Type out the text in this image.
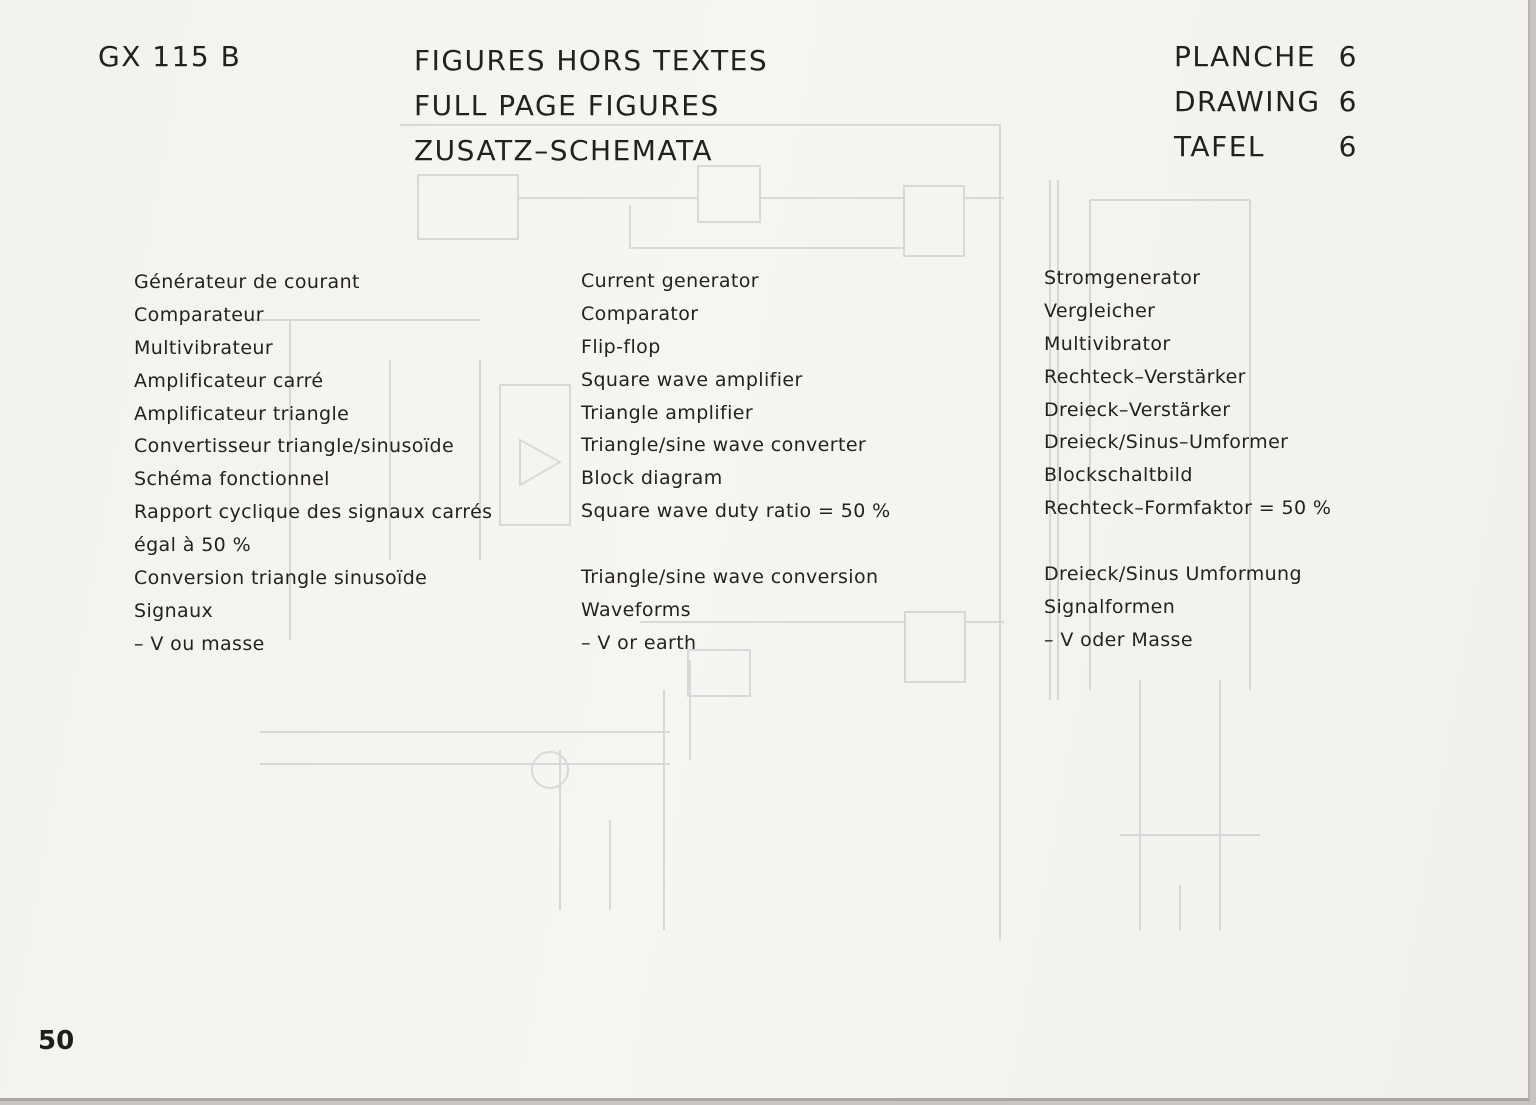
GX 115 B	FIGURES HORS TEXTES
FULL PAGE FIGURES
ZUSATZ–SCHEMATA
PLANCHE 6
DRAWING 6
TAFEL	6
Générateur de courant
Comparateur
Multivibrateur
Amplificateur carré
Amplificateur triangle
Convertisseur triangle/sinusoïde
Schéma fonctionnel
Rapport cyclique des signaux carrés
égal à 50 %
Conversion triangle sinusoïde
Signaux
– V ou masse
Current generator
Comparator
Flip-flop
Square wave amplifier
Triangle amplifier
Triangle/sine wave converter
Block diagram
Square wave duty ratio = 50 %
Triangle/sine wave conversion
Waveforms
– V or earth
Stromgenerator
Vergleicher
Multivibrator
Rechteck–Verstärker
Dreieck–Verstärker
Dreieck/Sinus–Umformer
Blockschaltbild
Rechteck–Formfaktor = 50 %
Dreieck/Sinus Umformung
Signalformen
– V oder Masse
50
